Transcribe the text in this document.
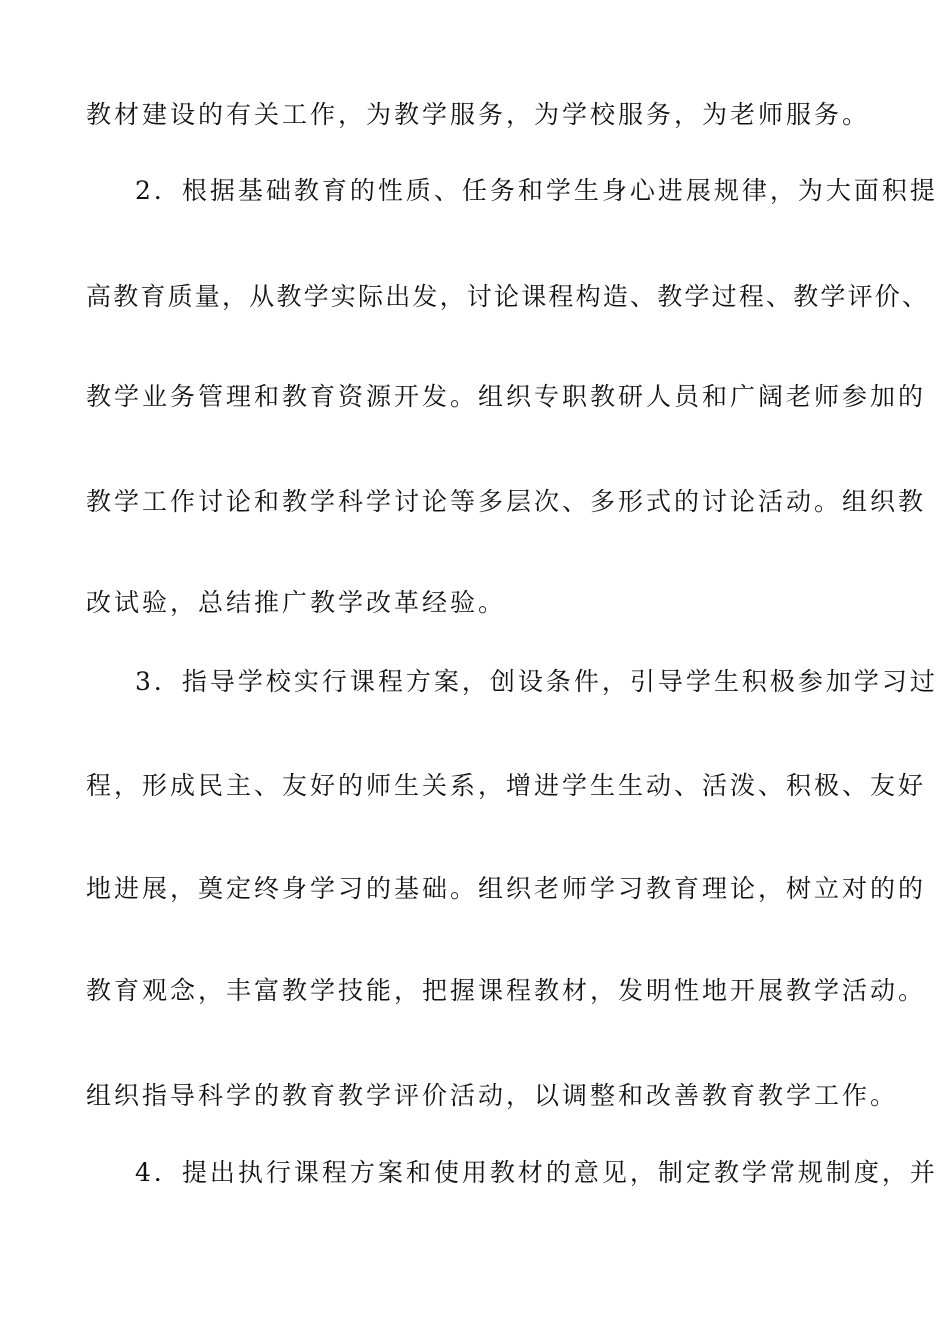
教材建设的有关工作，为教学服务，为学校服务，为老师服务。
2．根据基础教育的性质、任务和学生身心进展规律，为大面积提
高教育质量，从教学实际出发，讨论课程构造、教学过程、教学评价、
教学业务管理和教育资源开发。组织专职教研人员和广阔老师参加的
教学工作讨论和教学科学讨论等多层次、多形式的讨论活动。组织教
改试验，总结推广教学改革经验。
3．指导学校实行课程方案，创设条件，引导学生积极参加学习过
程，形成民主、友好的师生关系，增进学生生动、活泼、积极、友好
地进展，奠定终身学习的基础。组织老师学习教育理论，树立对的的
教育观念，丰富教学技能，把握课程教材，发明性地开展教学活动。
组织指导科学的教育教学评价活动，以调整和改善教育教学工作。
4．提出执行课程方案和使用教材的意见，制定教学常规制度，并
